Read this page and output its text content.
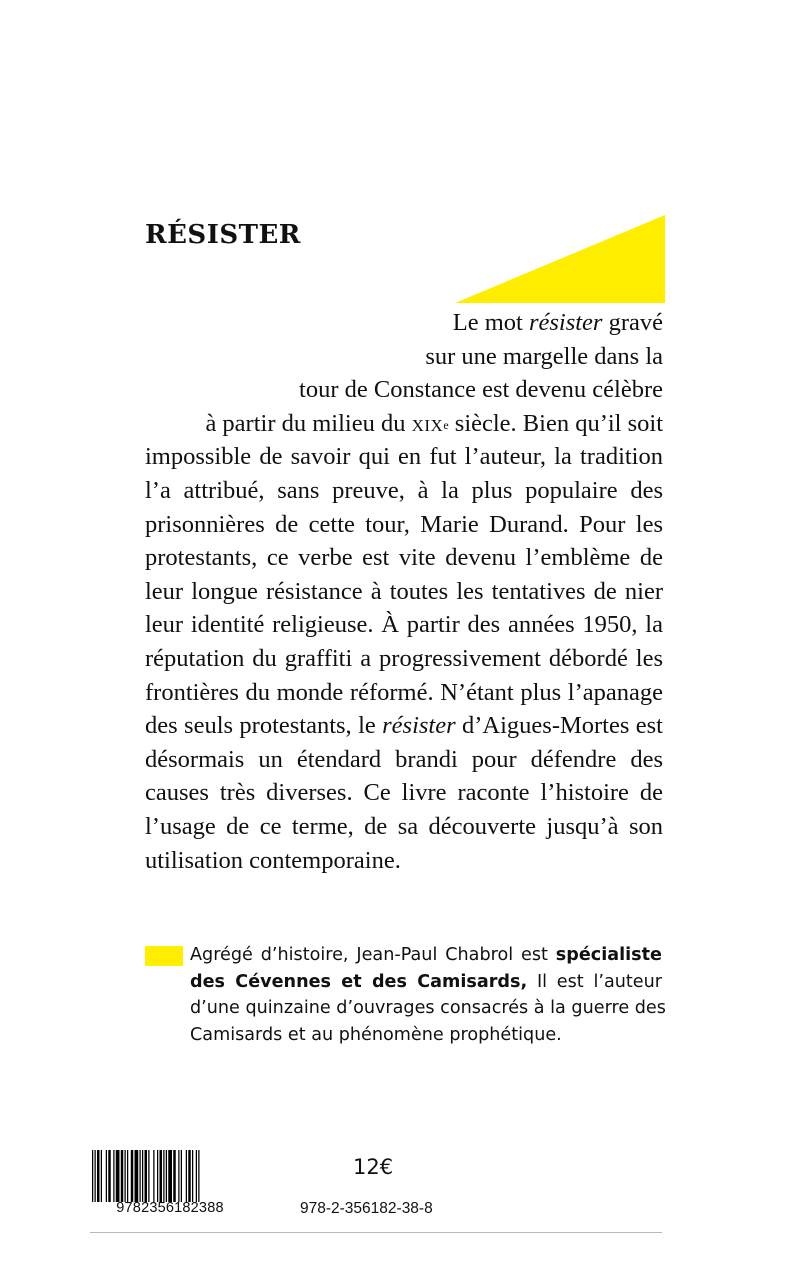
RÉSISTER
Le mot résister gravé
sur une margelle dans la
tour de Constance est devenu célèbre
à partir du milieu du XIXe siècle. Bien qu’il soit
impossible de savoir qui en fut l’auteur, la tradition
l’a attribué, sans preuve, à la plus populaire des
prisonnières de cette tour, Marie Durand. Pour les
protestants, ce verbe est vite devenu l’emblème de
leur longue résistance à toutes les tentatives de nier
leur identité religieuse. À partir des années 1950, la
réputation du graffiti a progressivement débordé les
frontières du monde réformé. N’étant plus l’apanage
des seuls protestants, le résister d’Aigues-Mortes est
désormais un étendard brandi pour défendre des
causes très diverses. Ce livre raconte l’histoire de
l’usage de ce terme, de sa découverte jusqu’à son
utilisation contemporaine.
Agrégé d’histoire, Jean-Paul Chabrol est spécialiste
des Cévennes et des Camisards, Il est l’auteur
d’une quinzaine d’ouvrages consacrés à la guerre des
Camisards et au phénomène prophétique.
9782356182388
12€
978-2-356182-38-8
